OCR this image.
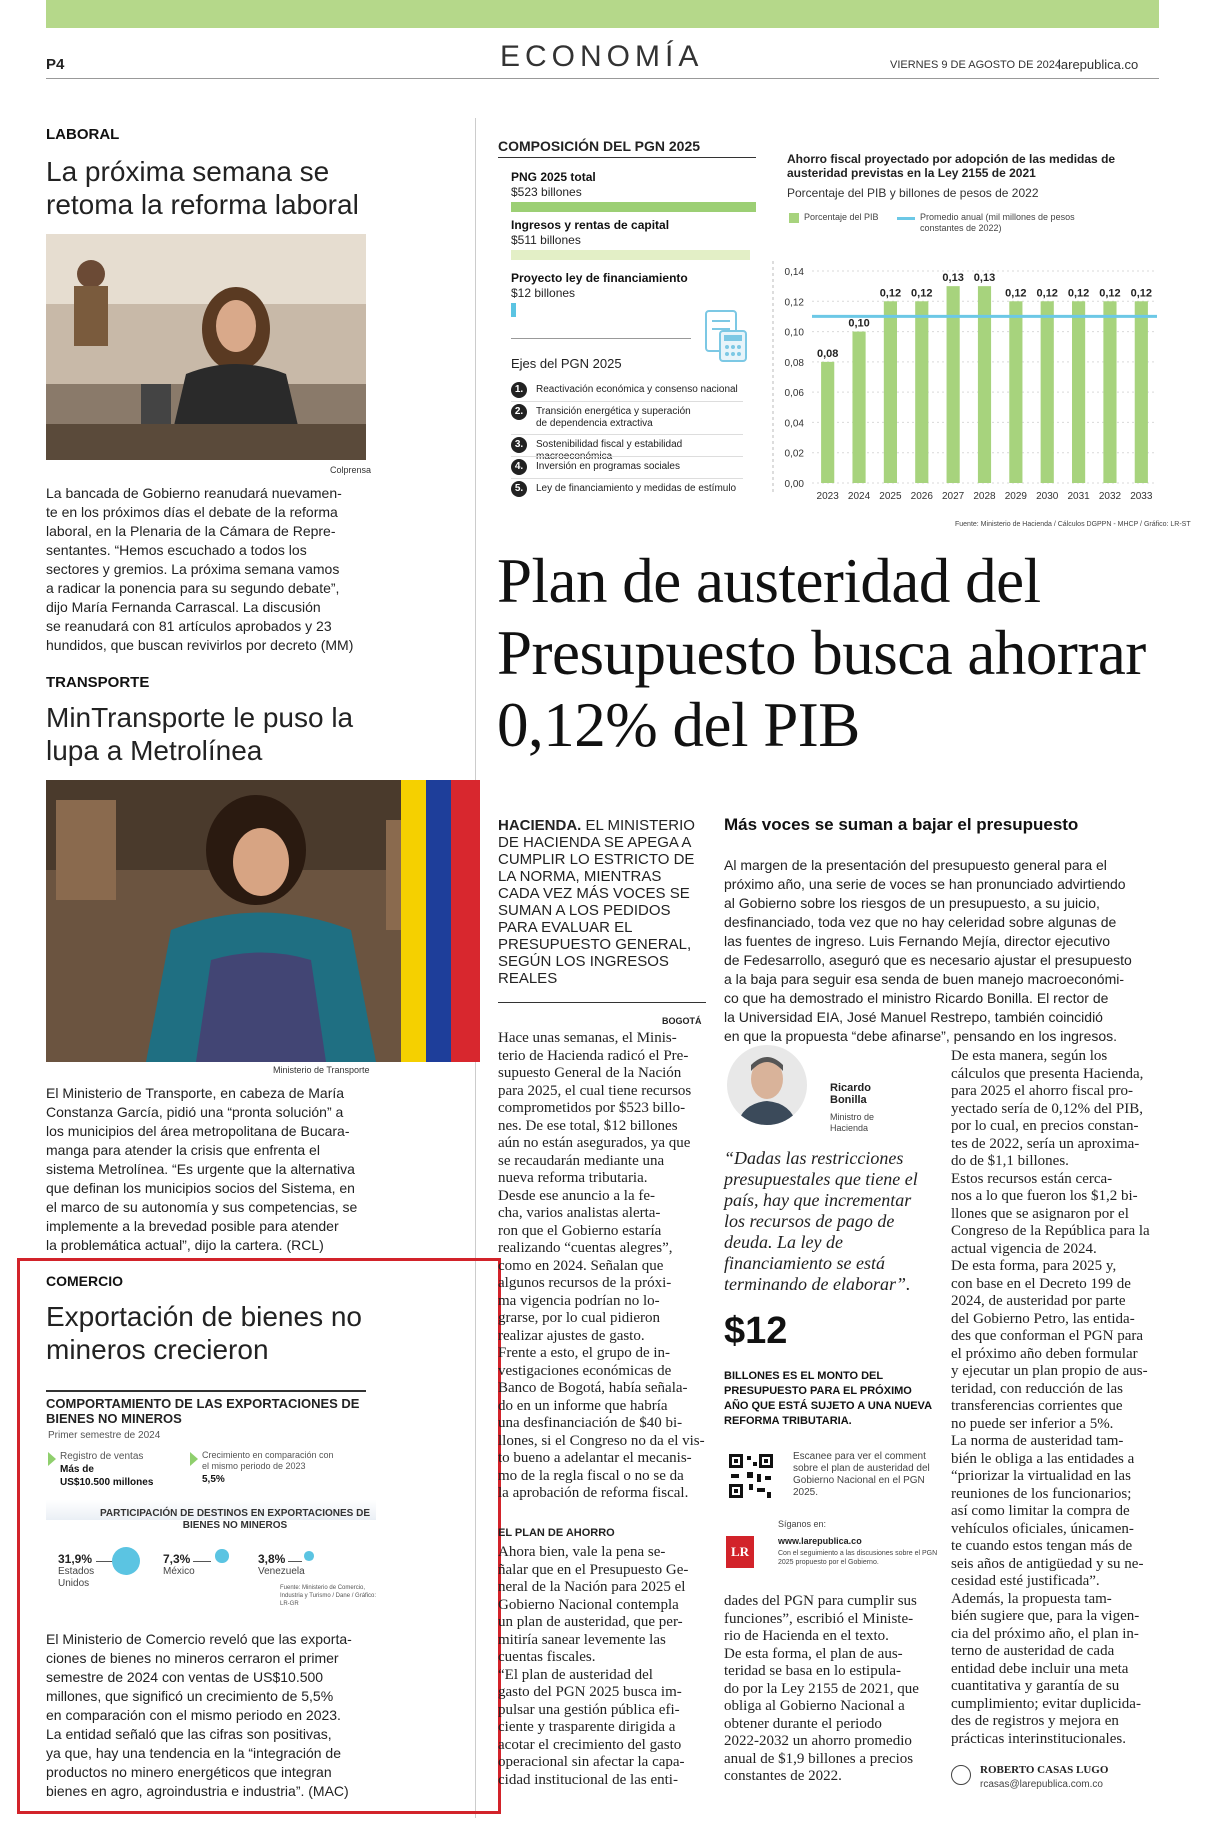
P4	ECONOMÍA	VIERNES 9 DE AGOSTO DE 2024
larepublica.co
LABORAL
La próxima semana se retoma la reforma laboral
Colprensa
La bancada de Gobierno reanudará nuevamen-
te en los próximos días el debate de la reforma
laboral, en la Plenaria de la Cámara de Repre-
sentantes. “Hemos escuchado a todos los
sectores y gremios. La próxima semana vamos
a radicar la ponencia para su segundo debate”,
dijo María Fernanda Carrascal. La discusión
se reanudará con 81 artículos aprobados y 23
hundidos, que buscan revivirlos por decreto (MM)
TRANSPORTE
MinTransporte le puso la lupa a Metrolínea
Ministerio de Transporte
El Ministerio de Transporte, en cabeza de María
Constanza García, pidió una “pronta solución” a
los municipios del área metropolitana de Bucara-
manga para atender la crisis que enfrenta el
sistema Metrolínea. “Es urgente que la alternativa
que definan los municipios socios del Sistema, en
el marco de su autonomía y sus competencias, se
implemente a la brevedad posible para atender
la problemática actual”, dijo la cartera. (RCL)
COMERCIO
Exportación de bienes no mineros crecieron
COMPORTAMIENTO DE LAS EXPORTACIONES DE BIENES NO MINEROS
Primer semestre de 2024
Registro de ventas
Más de
US$10.500 millones
Crecimiento en comparación con el mismo periodo de 2023
5,5%
PARTICIPACIÓN DE DESTINOS EN EXPORTACIONES DE BIENES NO MINEROS
31,9%
Estados Unidos
7,3%
México
3,8%
Venezuela
Fuente: Ministerio de Comercio, Industria y Turismo / Dane / Gráfico: LR-GR
El Ministerio de Comercio reveló que las exporta-
ciones de bienes no mineros cerraron el primer
semestre de 2024 con ventas de US$10.500
millones, que significó un crecimiento de 5,5%
en comparación con el mismo periodo en 2023.
La entidad señaló que las cifras son positivas,
ya que, hay una tendencia en la “integración de
productos no minero energéticos que integran
bienes en agro, agroindustria e industria”. (MAC)
COMPOSICIÓN DEL PGN 2025
PNG 2025 total
$523 billones
Ingresos y rentas de capital
$511 billones
Proyecto ley de financiamiento
$12 billones
Ejes del PGN 2025
1.	Reactivación económica y consenso nacional
2.	Transición energética y superación de dependencia extractiva
3.	Sostenibilidad fiscal y estabilidad
4.	Inversión en programas sociales
5.	Ley de financiamiento y medidas de estímulo
Ahorro fiscal proyectado por adopción de las medidas de austeridad previstas en la Ley 2155 de 2021
Porcentaje del PIB y billones de pesos de 2022
Porcentaje del PIB	Promedio anual (mil millones de pesos constantes de 2022)
0,14
0,12
0,10
0,08
0,06
0,04
0,02
0,00
0,08
2023
0,10
2024
0,12
2025
0,12
2026
0,13
2027
0,13
2028
0,12
2029
0,12
2030
0,12
2031
0,12
2032
0,12
2033
Fuente: Ministerio de Hacienda / Cálculos DGPPN - MHCP / Gráfico: LR-ST
Plan de austeridad del Presupuesto busca ahorrar 0,12% del PIB
HACIENDA. EL MINISTERIO DE HACIENDA SE APEGA A CUMPLIR LO ESTRICTO DE LA NORMA, MIENTRAS CADA VEZ MÁS VOCES SE SUMAN A LOS PEDIDOS PARA EVALUAR EL PRESUPUESTO GENERAL, SEGÚN LOS INGRESOS REALES
Más voces se suman a bajar el presupuesto
Al margen de la presentación del presupuesto general para el
próximo año, una serie de voces se han pronunciado advirtiendo
al Gobierno sobre los riesgos de un presupuesto, a su juicio,
desfinanciado, toda vez que no hay celeridad sobre algunas de
las fuentes de ingreso. Luis Fernando Mejía, director ejecutivo
de Fedesarrollo, aseguró que es necesario ajustar el presupuesto
a la baja para seguir esa senda de buen manejo macroeconómi-
co que ha demostrado el ministro Ricardo Bonilla. El rector de
la Universidad EIA, José Manuel Restrepo, también coincidió
en que la propuesta “debe afinarse”, pensando en los ingresos.
BOGOTÁ
Hace unas semanas, el Minis-
terio de Hacienda radicó el Pre-
supuesto General de la Nación
para 2025, el cual tiene recursos
comprometidos por $523 billo-
nes. De ese total, $12 billones
aún no están asegurados, ya que
se recaudarán mediante una
nueva reforma tributaria.
Desde ese anuncio a la fe-
cha, varios analistas alerta-
ron que el Gobierno estaría
realizando “cuentas alegres”,
como en 2024. Señalan que
algunos recursos de la próxi-
ma vigencia podrían no lo-
grarse, por lo cual pidieron
realizar ajustes de gasto.
Frente a esto, el grupo de in-
vestigaciones económicas de
Banco de Bogotá, había señala-
do en un informe que habría
una desfinanciación de $40 bi-
llones, si el Congreso no da el vis-
to bueno a adelantar el mecanis-
mo de la regla fiscal o no se da
la aprobación de reforma fiscal.
EL PLAN DE AHORRO
Ahora bien, vale la pena se-
ñalar que en el Presupuesto Ge-
neral de la Nación para 2025 el
Gobierno Nacional contempla
un plan de austeridad, que per-
mitiría sanear levemente las
cuentas fiscales.
“El plan de austeridad del
gasto del PGN 2025 busca im-
pulsar una gestión pública efi-
ciente y trasparente dirigida a
acotar el crecimiento del gasto
operacional sin afectar la capa-
cidad institucional de las enti-
Ricardo Bonilla
Ministro de Hacienda
“Dadas las restricciones presupuestales que tiene el país, hay que incrementar los recursos de pago de deuda. La ley de financiamiento se está terminando de elaborar”.
$12
BILLONES ES EL MONTO DEL PRESUPUESTO PARA EL PRÓXIMO AÑO QUE ESTÁ SUJETO A UNA NUEVA REFORMA TRIBUTARIA.
Escanee para ver el comment sobre el plan de austeridad del Gobierno Nacional en el PGN 2025.
Síganos en:
LR
www.larepublica.co
Con el seguimiento a las discusiones sobre el PGN 2025 propuesto por el Gobierno.
dades del PGN para cumplir sus
funciones”, escribió el Ministe-
rio de Hacienda en el texto.
De esta forma, el plan de aus-
teridad se basa en lo estipula-
do por la Ley 2155 de 2021, que
obliga al Gobierno Nacional a
obtener durante el periodo
2022-2032 un ahorro promedio
anual de $1,9 billones a precios
constantes de 2022.
De esta manera, según los
cálculos que presenta Hacienda,
para 2025 el ahorro fiscal pro-
yectado sería de 0,12% del PIB,
por lo cual, en precios constan-
tes de 2022, sería un aproxima-
do de $1,1 billones.
Estos recursos están cerca-
nos a lo que fueron los $1,2 bi-
llones que se asignaron por el
Congreso de la República para la
actual vigencia de 2024.
De esta forma, para 2025 y,
con base en el Decreto 199 de
2024, de austeridad por parte
del Gobierno Petro, las entida-
des que conforman el PGN para
el próximo año deben formular
y ejecutar un plan propio de aus-
teridad, con reducción de las
transferencias corrientes que
no puede ser inferior a 5%.
La norma de austeridad tam-
bién le obliga a las entidades a
“priorizar la virtualidad en las
reuniones de los funcionarios;
así como limitar la compra de
vehículos oficiales, únicamen-
te cuando estos tengan más de
seis años de antigüedad y su ne-
cesidad esté justificada”.
Además, la propuesta tam-
bién sugiere que, para la vigen-
cia del próximo año, el plan in-
terno de austeridad de cada
entidad debe incluir una meta
cuantitativa y garantía de su
cumplimiento; evitar duplicida-
des de registros y mejora en
prácticas interinstitucionales.
ROBERTO CASAS LUGO
rcasas@larepublica.com.co
